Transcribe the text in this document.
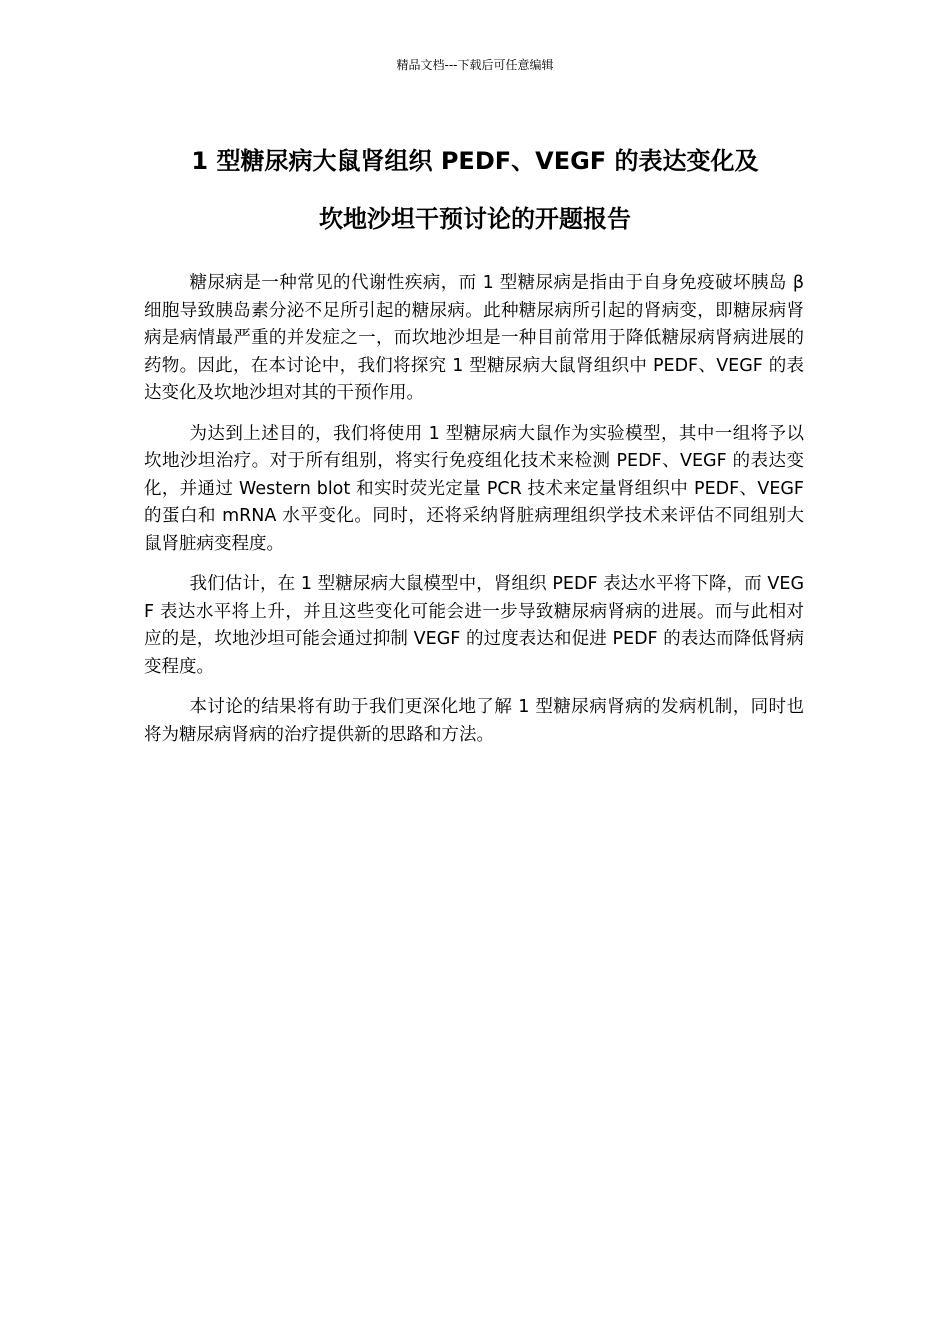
精品文档---下载后可任意编辑
1 型糖尿病大鼠肾组织 PEDF、VEGF 的表达变化及
坎地沙坦干预讨论的开题报告

糖尿病是一种常见的代谢性疾病，而 1 型糖尿病是指由于自身免疫破坏胰岛 β 细胞导致胰岛素分泌不足所引起的糖尿病。此种糖尿病所引起的肾病变，即糖尿病肾病是病情最严重的并发症之一，而坎地沙坦是一种目前常用于降低糖尿病肾病进展的药物。因此，在本讨论中，我们将探究 1 型糖尿病大鼠肾组织中 PEDF、VEGF 的表达变化及坎地沙坦对其的干预作用。

为达到上述目的，我们将使用 1 型糖尿病大鼠作为实验模型，其中一组将予以坎地沙坦治疗。对于所有组别，将实行免疫组化技术来检测 PEDF、VEGF 的表达变化，并通过 Western blot 和实时荧光定量 PCR 技术来定量肾组织中 PEDF、VEGF 的蛋白和 mRNA 水平变化。同时，还将采纳肾脏病理组织学技术来评估不同组别大鼠肾脏病变程度。

我们估计，在 1 型糖尿病大鼠模型中，肾组织 PEDF 表达水平将下降，而 VEGF 表达水平将上升，并且这些变化可能会进一步导致糖尿病肾病的进展。而与此相对应的是，坎地沙坦可能会通过抑制 VEGF 的过度表达和促进 PEDF 的表达而降低肾病变程度。

本讨论的结果将有助于我们更深化地了解 1 型糖尿病肾病的发病机制，同时也将为糖尿病肾病的治疗提供新的思路和方法。
